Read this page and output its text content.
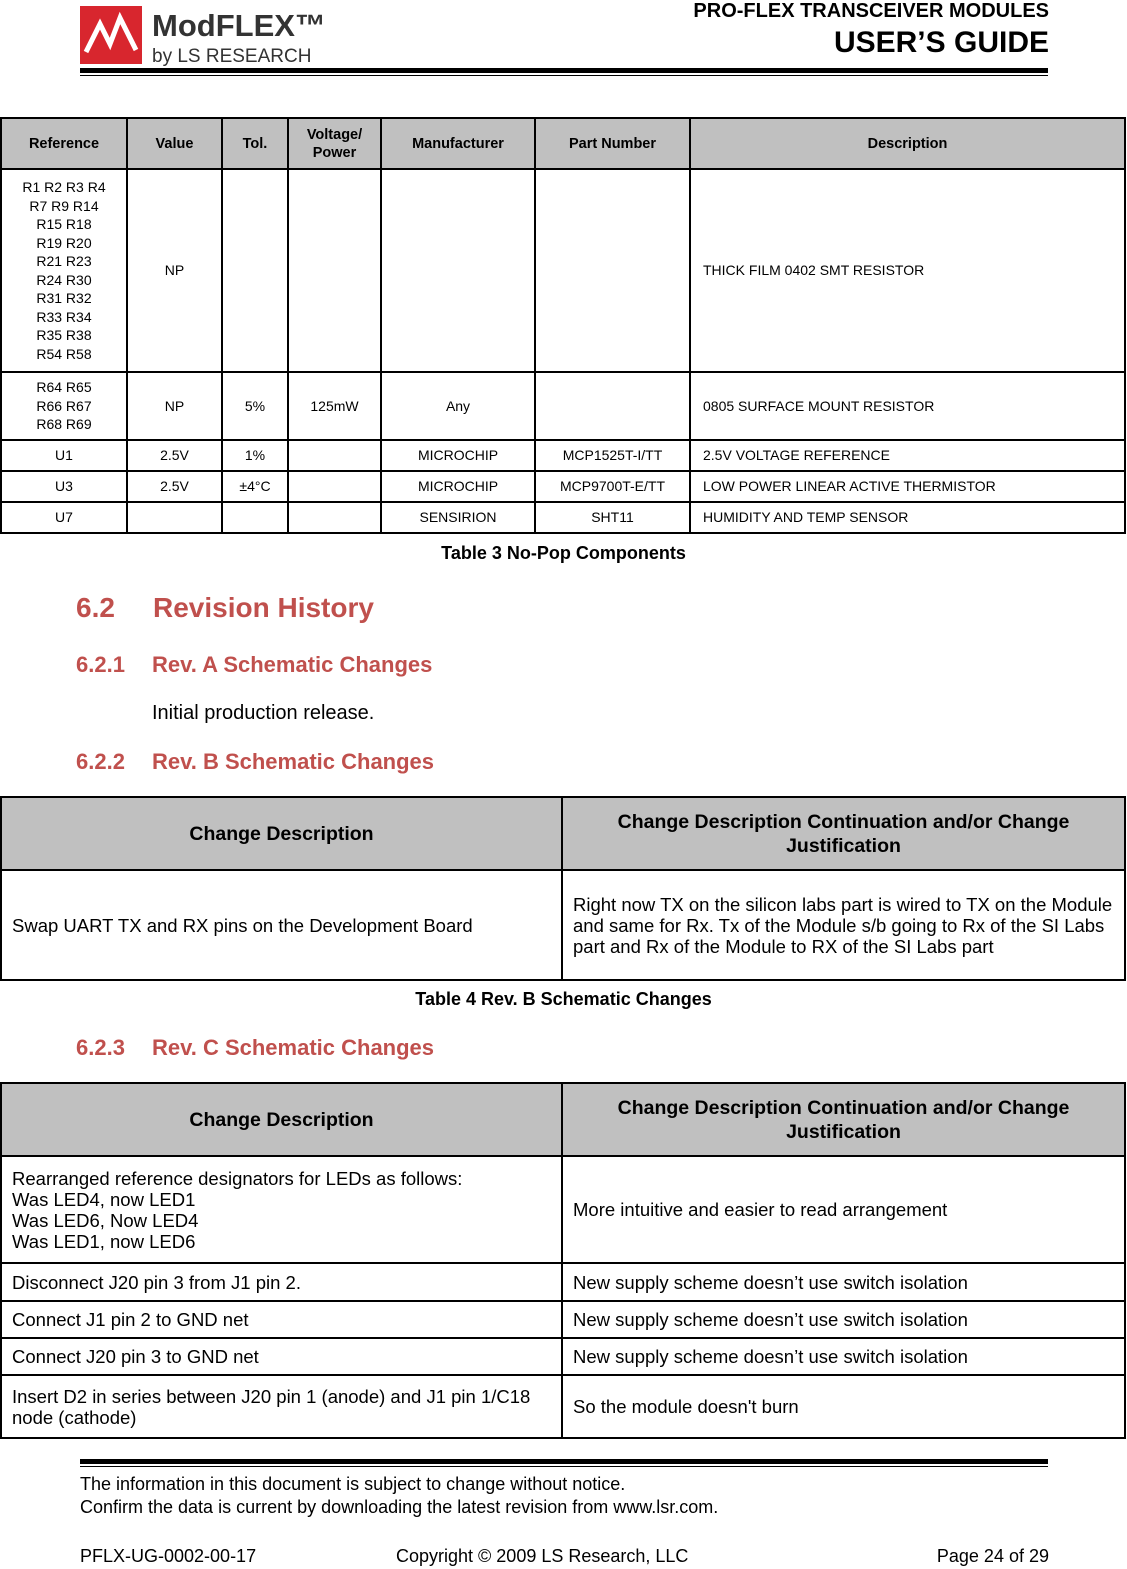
ModFLEX™
by LS RESEARCH
PRO-FLEX TRANSCEIVER MODULES
USER’S GUIDE
Reference	Value	Tol.	Voltage/ Power	Manufacturer	Part Number	Description
R1 R2 R3 R4 R7 R9 R14 R15 R18 R19 R20 R21 R23 R24 R30 R31 R32 R33 R34 R35 R38 R54 R58	NP					THICK FILM 0402 SMT RESISTOR
R64 R65 R66 R67 R68 R69	NP	5%	125mW	Any		0805 SURFACE MOUNT RESISTOR
U1	2.5V	1%		MICROCHIP	MCP1525T-I/TT	2.5V VOLTAGE REFERENCE
U3	2.5V	±4°C		MICROCHIP	MCP9700T-E/TT	LOW POWER LINEAR ACTIVE THERMISTOR
U7				SENSIRION	SHT11	HUMIDITY AND TEMP SENSOR
Table 3 No-Pop Components
6.2 Revision History
6.2.1 Rev. A Schematic Changes
Initial production release.
6.2.2 Rev. B Schematic Changes
Change Description	Change Description Continuation and/or Change Justification
Swap UART TX and RX pins on the Development Board	Right now TX on the silicon labs part is wired to TX on the Module and same for Rx. Tx of the Module s/b going to Rx of the SI Labs part and Rx of the Module to RX of the SI Labs part
Table 4 Rev. B Schematic Changes
6.2.3 Rev. C Schematic Changes
Change Description	Change Description Continuation and/or Change Justification

Rearranged reference designators for LEDs as follows:
Was LED4, now LED1
Was LED6, Now LED4
Was LED1, now LED6	More intuitive and easier to read arrangement
Disconnect J20 pin 3 from J1 pin 2.	New supply scheme doesn’t use switch isolation
Connect J1 pin 2 to GND net	New supply scheme doesn’t use switch isolation
Connect J20 pin 3 to GND net	New supply scheme doesn’t use switch isolation
Insert D2 in series between J20 pin 1 (anode) and J1 pin 1/C18 node (cathode)	So the module doesn't burn
The information in this document is subject to change without notice.
Confirm the data is current by downloading the latest revision from www.lsr.com.
PFLX-UG-0002-00-17	Copyright © 2009 LS Research, LLC	Page 24 of 29
